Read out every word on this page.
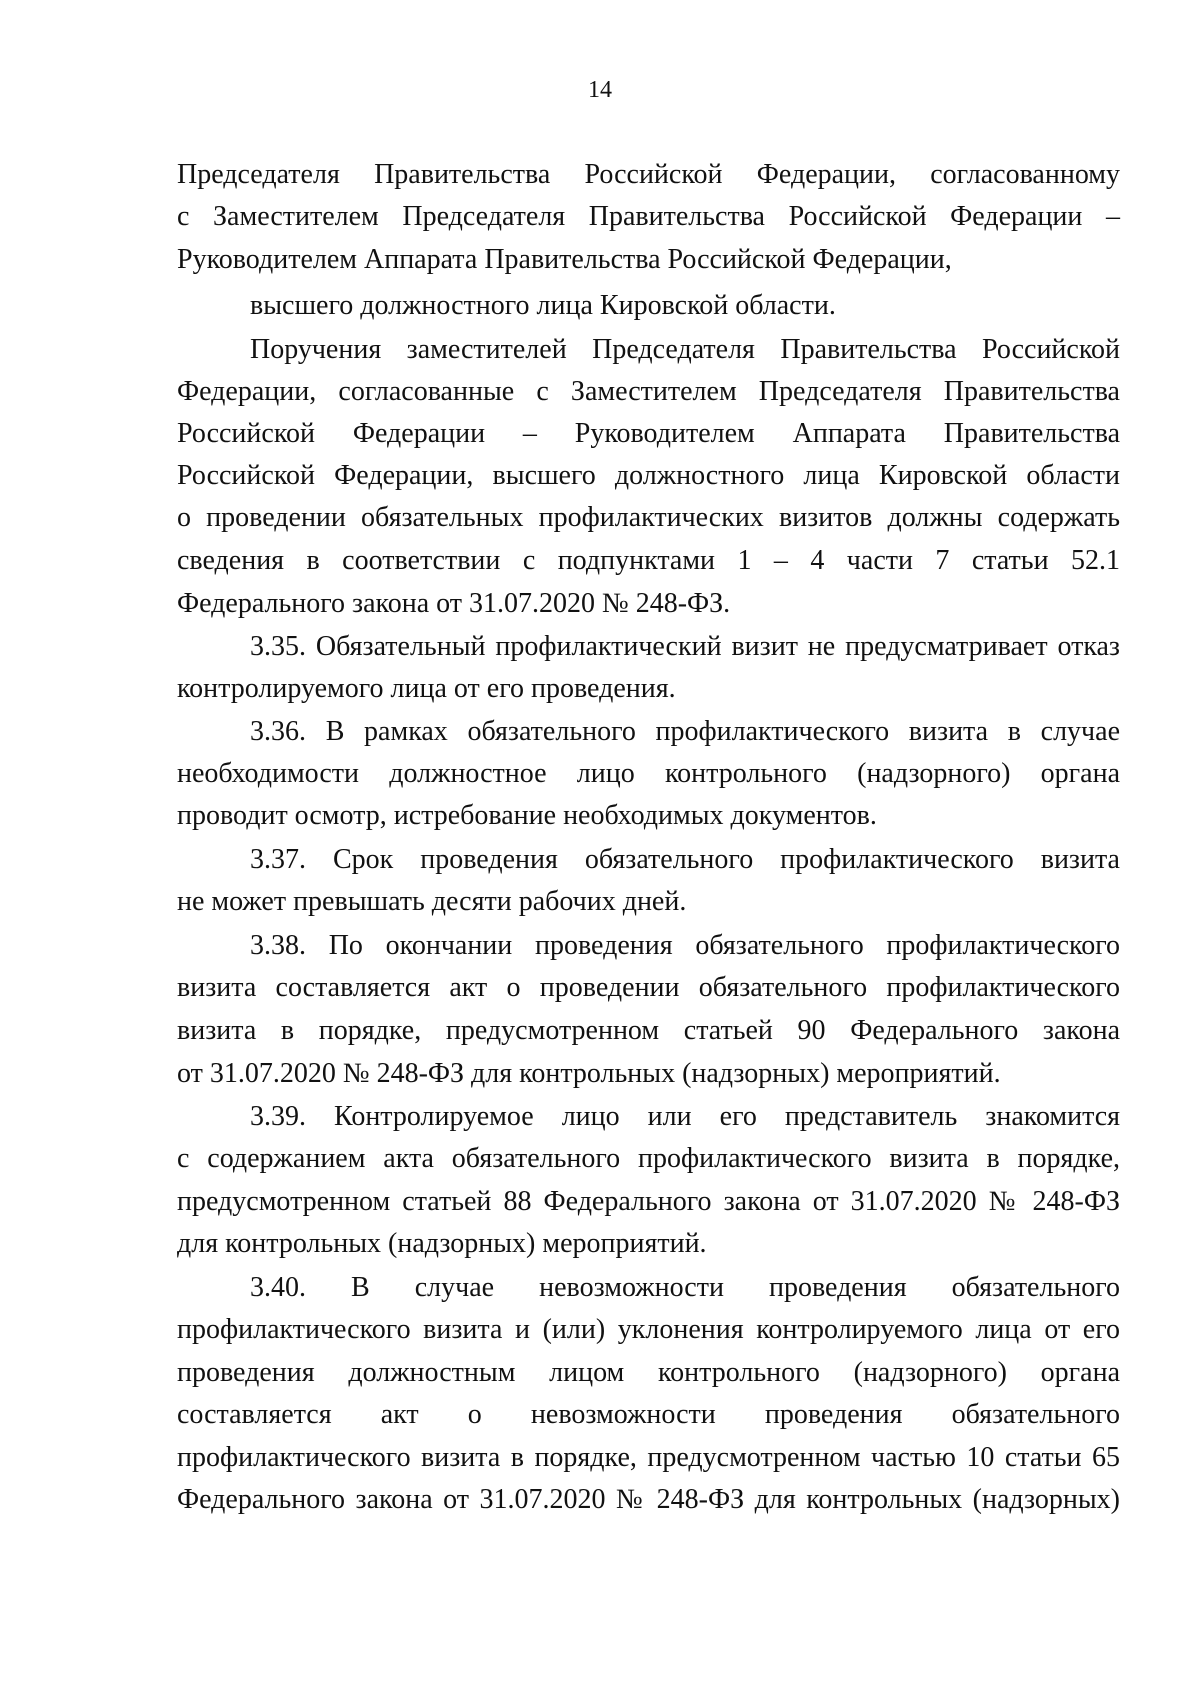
14
Председателя Правительства Российской Федерации, согласованному
с Заместителем Председателя Правительства Российской Федерации –
Руководителем Аппарата Правительства Российской Федерации,
высшего должностного лица Кировской области.
Поручения заместителей Председателя Правительства Российской
Федерации, согласованные с Заместителем Председателя Правительства
Российской Федерации – Руководителем Аппарата Правительства
Российской Федерации, высшего должностного лица Кировской области
о проведении обязательных профилактических визитов должны содержать
сведения в соответствии с подпунктами 1 – 4 части 7 статьи 52.1
Федерального закона от 31.07.2020 № 248-ФЗ.
3.35. Обязательный профилактический визит не предусматривает отказ
контролируемого лица от его проведения.
3.36. В рамках обязательного профилактического визита в случае
необходимости должностное лицо контрольного (надзорного) органа
проводит осмотр, истребование необходимых документов.
3.37. Срок проведения обязательного профилактического визита
не может превышать десяти рабочих дней.
3.38. По окончании проведения обязательного профилактического
визита составляется акт о проведении обязательного профилактического
визита в порядке, предусмотренном статьей 90 Федерального закона
от 31.07.2020 № 248-ФЗ для контрольных (надзорных) мероприятий.
3.39. Контролируемое лицо или его представитель знакомится
с содержанием акта обязательного профилактического визита в порядке,
предусмотренном статьей 88 Федерального закона от 31.07.2020 № 248-ФЗ
для контрольных (надзорных) мероприятий.
3.40. В случае невозможности проведения обязательного
профилактического визита и (или) уклонения контролируемого лица от его
проведения должностным лицом контрольного (надзорного) органа
составляется акт о невозможности проведения обязательного
профилактического визита в порядке, предусмотренном частью 10 статьи 65
Федерального закона от 31.07.2020 № 248-ФЗ для контрольных (надзорных)
